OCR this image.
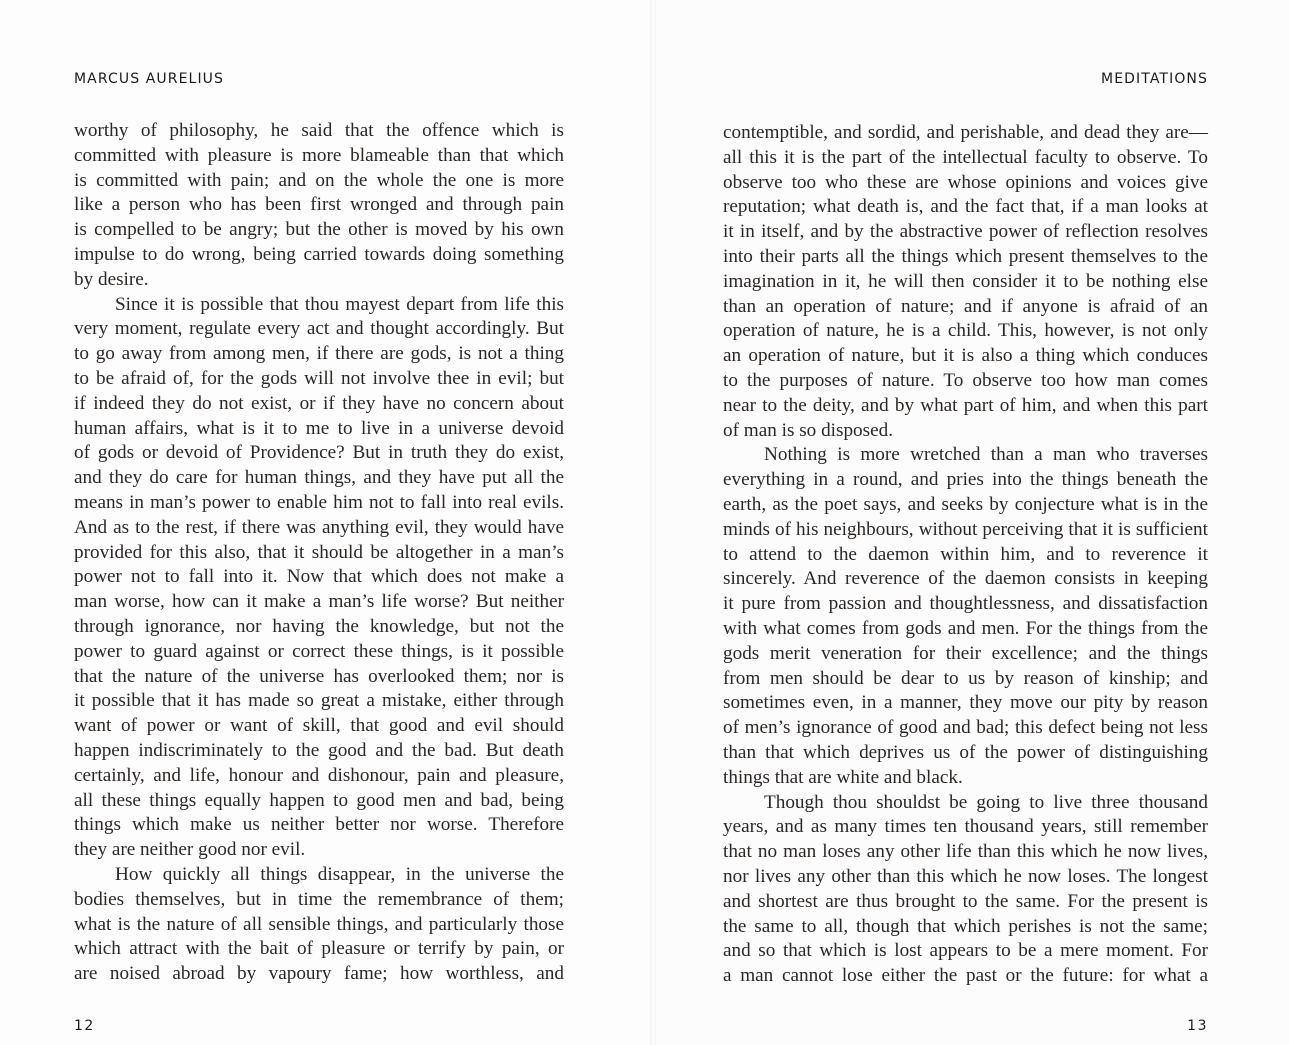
MARCUS AURELIUS

worthy of philosophy, he said that the offence which is
committed with pleasure is more blameable than that which
is committed with pain; and on the whole the one is more
like a person who has been first wronged and through pain
is compelled to be angry; but the other is moved by his own
impulse to do wrong, being carried towards doing something
by desire.
Since it is possible that thou mayest depart from life this
very moment, regulate every act and thought accordingly. But
to go away from among men, if there are gods, is not a thing
to be afraid of, for the gods will not involve thee in evil; but
if indeed they do not exist, or if they have no concern about
human affairs, what is it to me to live in a universe devoid
of gods or devoid of Providence? But in truth they do exist,
and they do care for human things, and they have put all the
means in man’s power to enable him not to fall into real evils.
And as to the rest, if there was anything evil, they would have
provided for this also, that it should be altogether in a man’s
power not to fall into it. Now that which does not make a
man worse, how can it make a man’s life worse? But neither
through ignorance, nor having the knowledge, but not the
power to guard against or correct these things, is it possible
that the nature of the universe has overlooked them; nor is
it possible that it has made so great a mistake, either through
want of power or want of skill, that good and evil should
happen indiscriminately to the good and the bad. But death
certainly, and life, honour and dishonour, pain and pleasure,
all these things equally happen to good men and bad, being
things which make us neither better nor worse. Therefore
they are neither good nor evil.
How quickly all things disappear, in the universe the
bodies themselves, but in time the remembrance of them;
what is the nature of all sensible things, and particularly those
which attract with the bait of pleasure or terrify by pain, or
are noised abroad by vapoury fame; how worthless, and

12

MEDITATIONS

contemptible, and sordid, and perishable, and dead they are—
all this it is the part of the intellectual faculty to observe. To
observe too who these are whose opinions and voices give
reputation; what death is, and the fact that, if a man looks at
it in itself, and by the abstractive power of reflection resolves
into their parts all the things which present themselves to the
imagination in it, he will then consider it to be nothing else
than an operation of nature; and if anyone is afraid of an
operation of nature, he is a child. This, however, is not only
an operation of nature, but it is also a thing which conduces
to the purposes of nature. To observe too how man comes
near to the deity, and by what part of him, and when this part
of man is so disposed.
Nothing is more wretched than a man who traverses
everything in a round, and pries into the things beneath the
earth, as the poet says, and seeks by conjecture what is in the
minds of his neighbours, without perceiving that it is sufficient
to attend to the daemon within him, and to reverence it
sincerely. And reverence of the daemon consists in keeping
it pure from passion and thoughtlessness, and dissatisfaction
with what comes from gods and men. For the things from the
gods merit veneration for their excellence; and the things
from men should be dear to us by reason of kinship; and
sometimes even, in a manner, they move our pity by reason
of men’s ignorance of good and bad; this defect being not less
than that which deprives us of the power of distinguishing
things that are white and black.
Though thou shouldst be going to live three thousand
years, and as many times ten thousand years, still remember
that no man loses any other life than this which he now lives,
nor lives any other than this which he now loses. The longest
and shortest are thus brought to the same. For the present is
the same to all, though that which perishes is not the same;
and so that which is lost appears to be a mere moment. For
a man cannot lose either the past or the future: for what a

13
